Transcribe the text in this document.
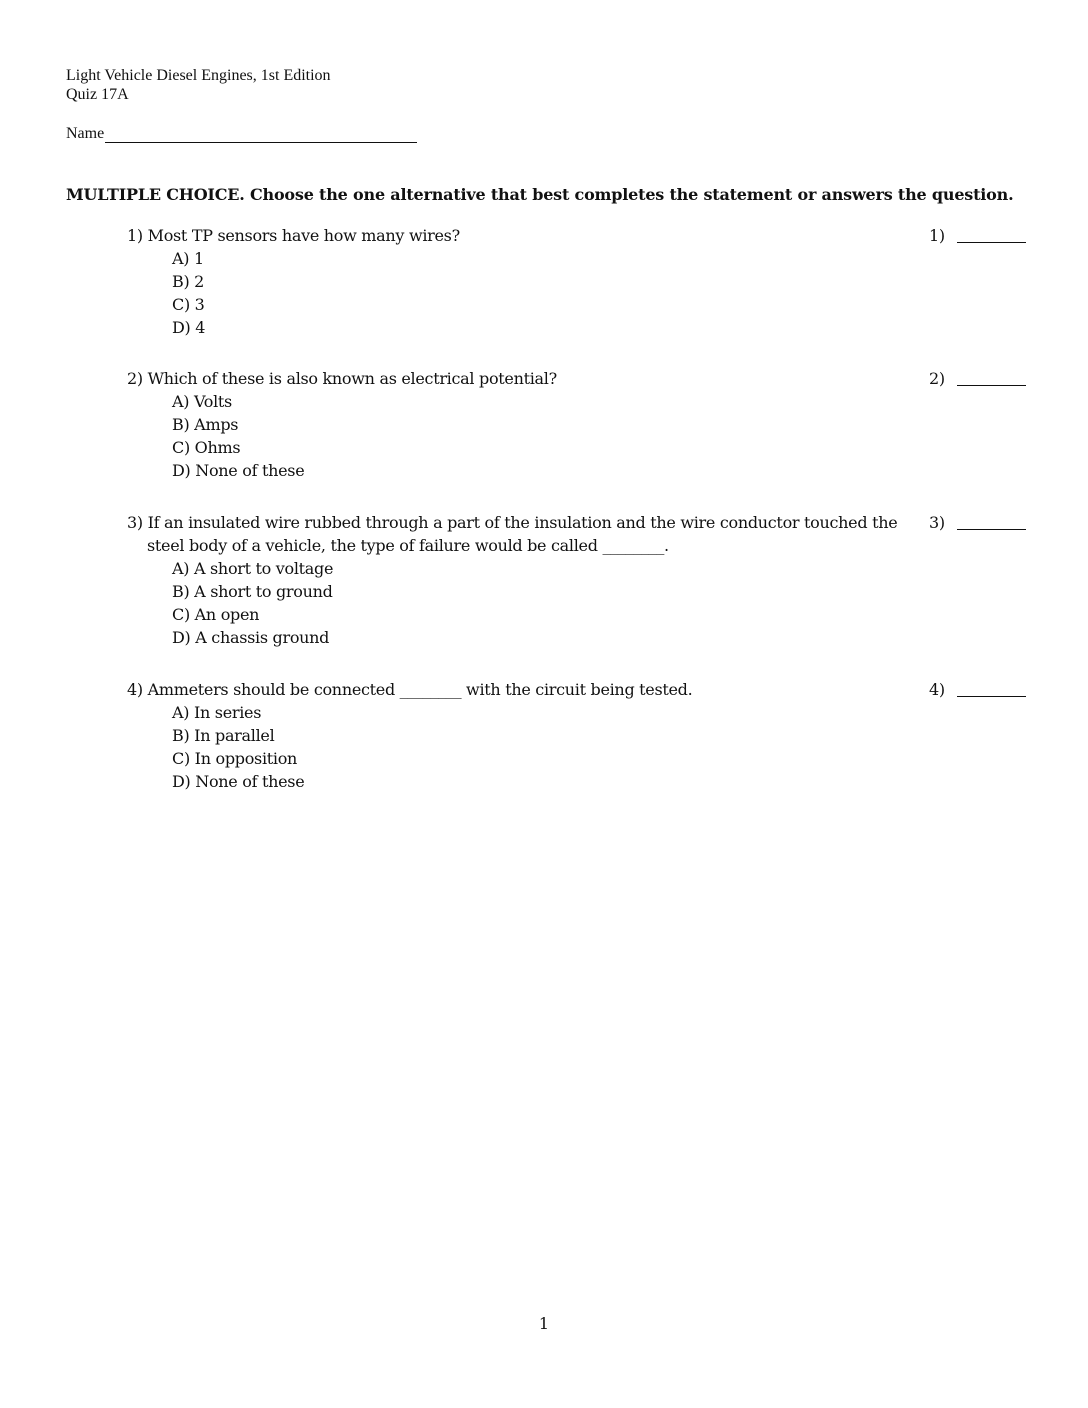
Light Vehicle Diesel Engines, 1st Edition
Quiz 17A
Name
MULTIPLE CHOICE. Choose the one alternative that best completes the statement or answers the question.
1) Most TP sensors have how many wires?
A) 1
B) 2
C) 3
D) 4
1)
2) Which of these is also known as electrical potential?
A) Volts
B) Amps
C) Ohms
D) None of these
2)
3) If an insulated wire rubbed through a part of the insulation and the wire conductor touched the steel body of a vehicle, the type of failure would be called ________.
A) A short to voltage
B) A short to ground
C) An open
D) A chassis ground
3)
4) Ammeters should be connected ________ with the circuit being tested.
A) In series
B) In parallel
C) In opposition
D) None of these
4)
1
